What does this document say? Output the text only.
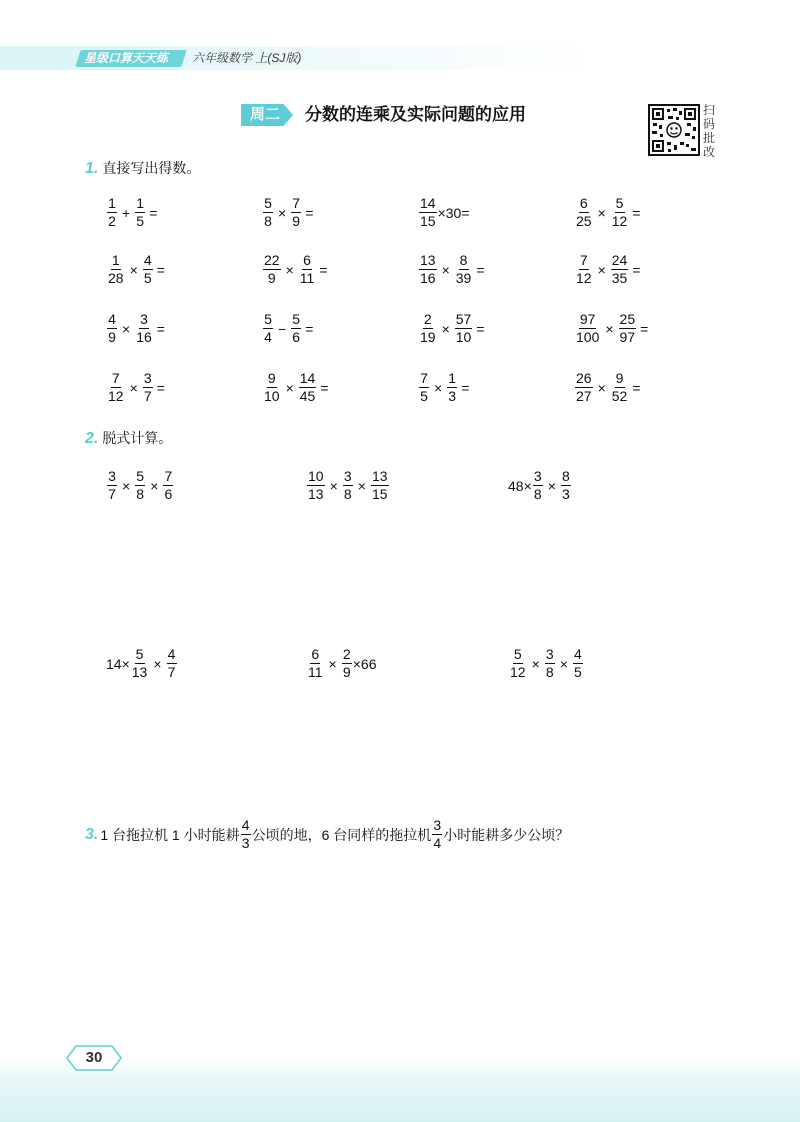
星级口算天天练	六年级数学 上(SJ版)
周二 分数的连乘及实际问题的应用	扫
码
批
改
1. 直接写出得数。
$\frac{1}{2} + \frac{1}{5}$ =	$\frac{5}{8} \times \frac{7}{9}$ =	$\frac{14}{15} \times 30=$	$\frac{6}{25} \times \frac{5}{12}$ =
$\frac{1}{28} \times \frac{4}{5}$ =	$\frac{22}{9} \times \frac{6}{11}$ =	$\frac{13}{16} \times \frac{8}{39}$ =	$\frac{7}{12} \times \frac{24}{35}$ =
$\frac{4}{9} \times \frac{3}{16}$ =	$\frac{5}{4} - \frac{5}{6}$ =	$\frac{2}{19} \times \frac{57}{10}$ =	$\frac{97}{100} \times \frac{25}{97}$ =
$\frac{7}{12} \times \frac{3}{7}$ =	$\frac{9}{10} \times \frac{14}{45}$ =	$\frac{7}{5} \times \frac{1}{3}$ =	$\frac{26}{27} \times \frac{9}{52}$ =
2. 脱式计算。
$\frac{3}{7} \times \frac{5}{8} \times \frac{7}{6}$	$\frac{10}{13} \times \frac{3}{8} \times \frac{13}{15}$	$48\times \frac{3}{8} \times \frac{8}{3}$
$14\times \frac{5}{13} \times \frac{4}{7}$	$\frac{6}{11} \times \frac{2}{9} \times 66$	$\frac{5}{12} \times \frac{3}{8} \times \frac{4}{5}$
3. 1 台拖拉机 1 小时能耕 $\frac{4}{3}$ 公顷的地，6 台同样的拖拉机 $\frac{3}{4}$ 小时能耕多少公顷？
30
